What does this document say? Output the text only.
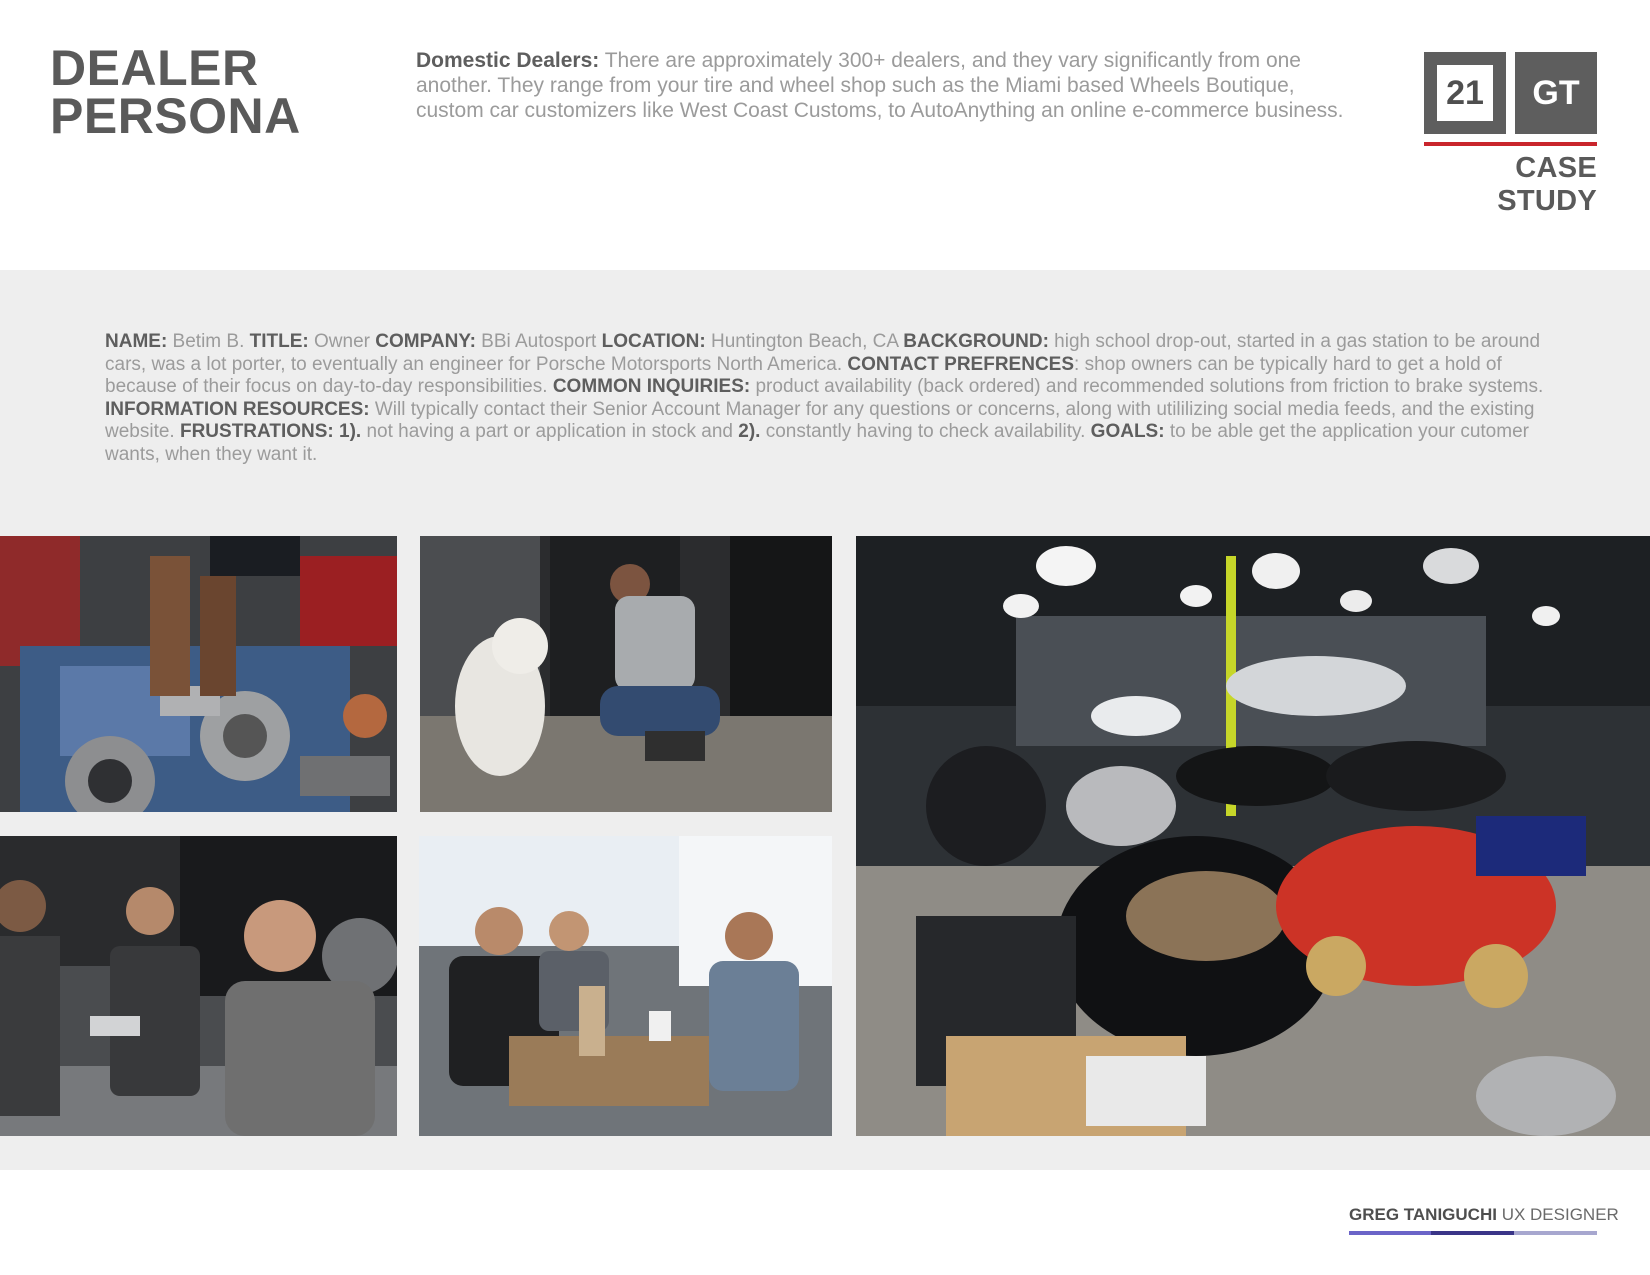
DEALER
PERSONA

Domestic Dealers: There are approximately 300+ dealers, and they vary significantly from one another. They range from your tire and wheel shop such as the Miami based Wheels Boutique, custom car customizers like West Coast Customs, to AutoAnything an online e-commerce business.	21 GT
CASE STUDY

NAME: Betim B. TITLE: Owner COMPANY: BBi Autosport LOCATION: Huntington Beach, CA BACKGROUND: high school drop-out, started in a gas station to be around cars, was a lot porter, to eventually an engineer for Porsche Motorsports North America. CONTACT PREFRENCES: shop owners can be typically hard to get a hold of because of their focus on day-to-day responsibilities. COMMON INQUIRIES: product availability (back ordered) and recommended solutions from friction to brake systems. INFORMATION RESOURCES: Will typically contact their Senior Account Manager for any questions or concerns, along with utililizing social media feeds, and the existing website. FRUSTRATIONS: 1). not having a part or application in stock and 2). constantly having to check availability. GOALS: to be able get the application your cutomer wants, when they want it.

GREG TANIGUCHI UX DESIGNER
